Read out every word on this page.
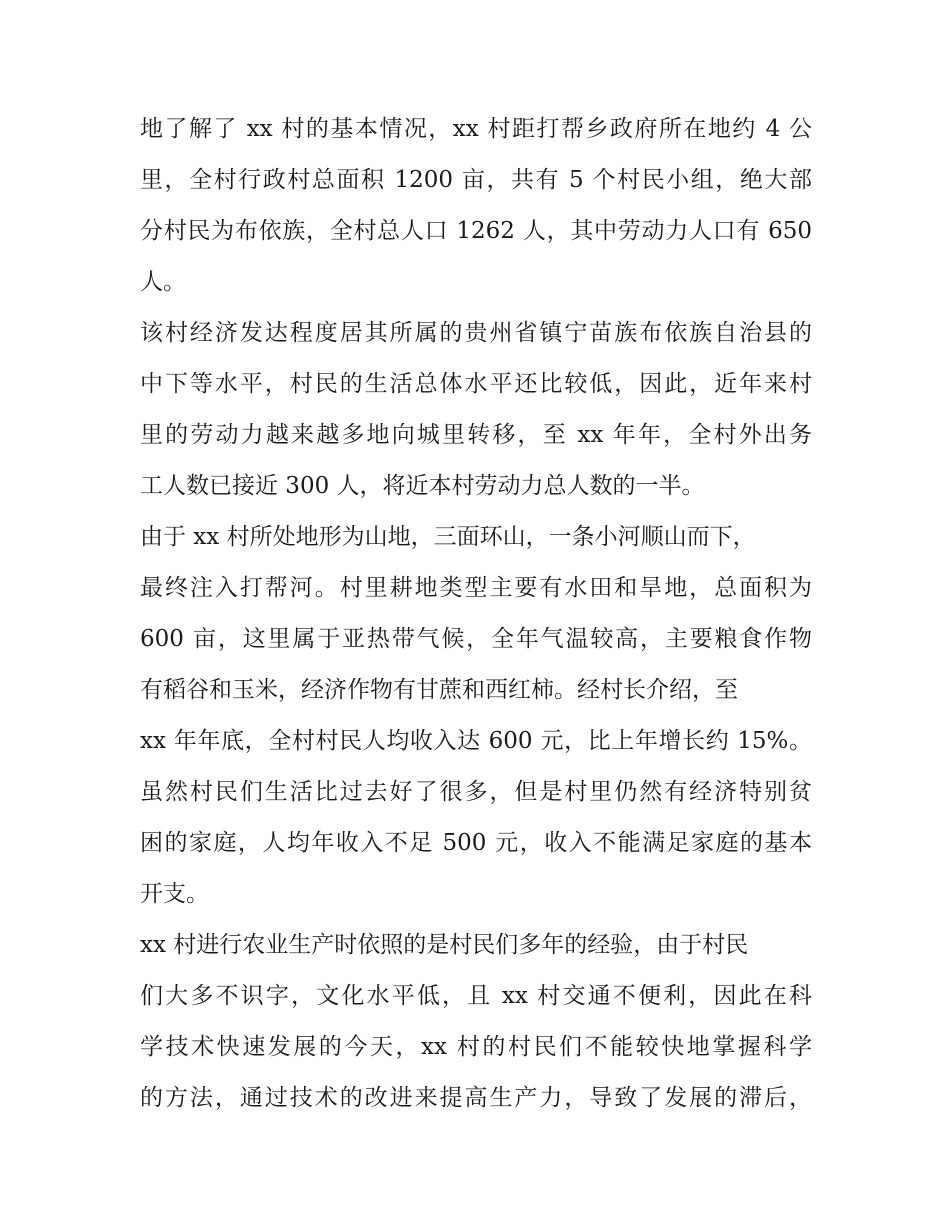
地了解了 xx 村的基本情况，xx 村距打帮乡政府所在地约 4 公
里，全村行政村总面积 1200 亩，共有 5 个村民小组，绝大部
分村民为布依族，全村总人口 1262 人，其中劳动力人口有 650
人。
该村经济发达程度居其所属的贵州省镇宁苗族布依族自治县的
中下等水平，村民的生活总体水平还比较低，因此，近年来村
里的劳动力越来越多地向城里转移，至 xx 年年，全村外出务
工人数已接近 300 人，将近本村劳动力总人数的一半。
由于 xx 村所处地形为山地，三面环山，一条小河顺山而下，
最终注入打帮河。村里耕地类型主要有水田和旱地，总面积为
600 亩，这里属于亚热带气候，全年气温较高，主要粮食作物
有稻谷和玉米，经济作物有甘蔗和西红柿。经村长介绍，至
xx 年年底，全村村民人均收入达 600 元，比上年增长约 15%。
虽然村民们生活比过去好了很多，但是村里仍然有经济特别贫
困的家庭，人均年收入不足 500 元，收入不能满足家庭的基本
开支。
xx 村进行农业生产时依照的是村民们多年的经验，由于村民
们大多不识字，文化水平低，且 xx 村交通不便利，因此在科
学技术快速发展的今天，xx 村的村民们不能较快地掌握科学
的方法，通过技术的改进来提高生产力，导致了发展的滞后，
